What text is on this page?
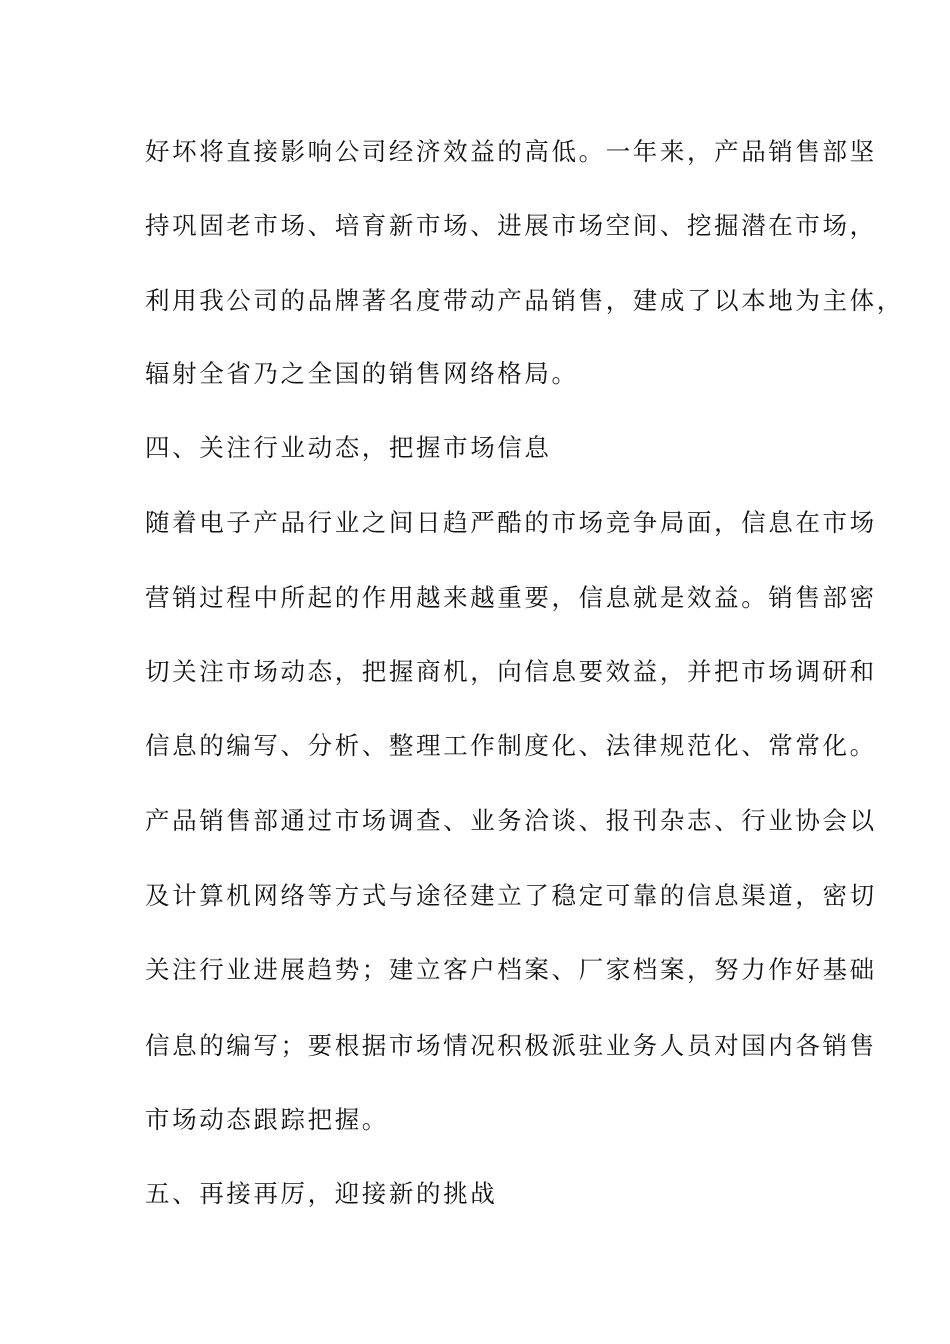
好坏将直接影响公司经济效益的高低。一年来，产品销售部坚
持巩固老市场、培育新市场、进展市场空间、挖掘潜在市场，
利用我公司的品牌著名度带动产品销售，建成了以本地为主体，
辐射全省乃之全国的销售网络格局。
四、关注行业动态，把握市场信息
随着电子产品行业之间日趋严酷的市场竞争局面，信息在市场
营销过程中所起的作用越来越重要，信息就是效益。销售部密
切关注市场动态，把握商机，向信息要效益，并把市场调研和
信息的编写、分析、整理工作制度化、法律规范化、常常化。
产品销售部通过市场调查、业务洽谈、报刊杂志、行业协会以
及计算机网络等方式与途径建立了稳定可靠的信息渠道，密切
关注行业进展趋势；建立客户档案、厂家档案，努力作好基础
信息的编写；要根据市场情况积极派驻业务人员对国内各销售
市场动态跟踪把握。
五、再接再厉，迎接新的挑战
